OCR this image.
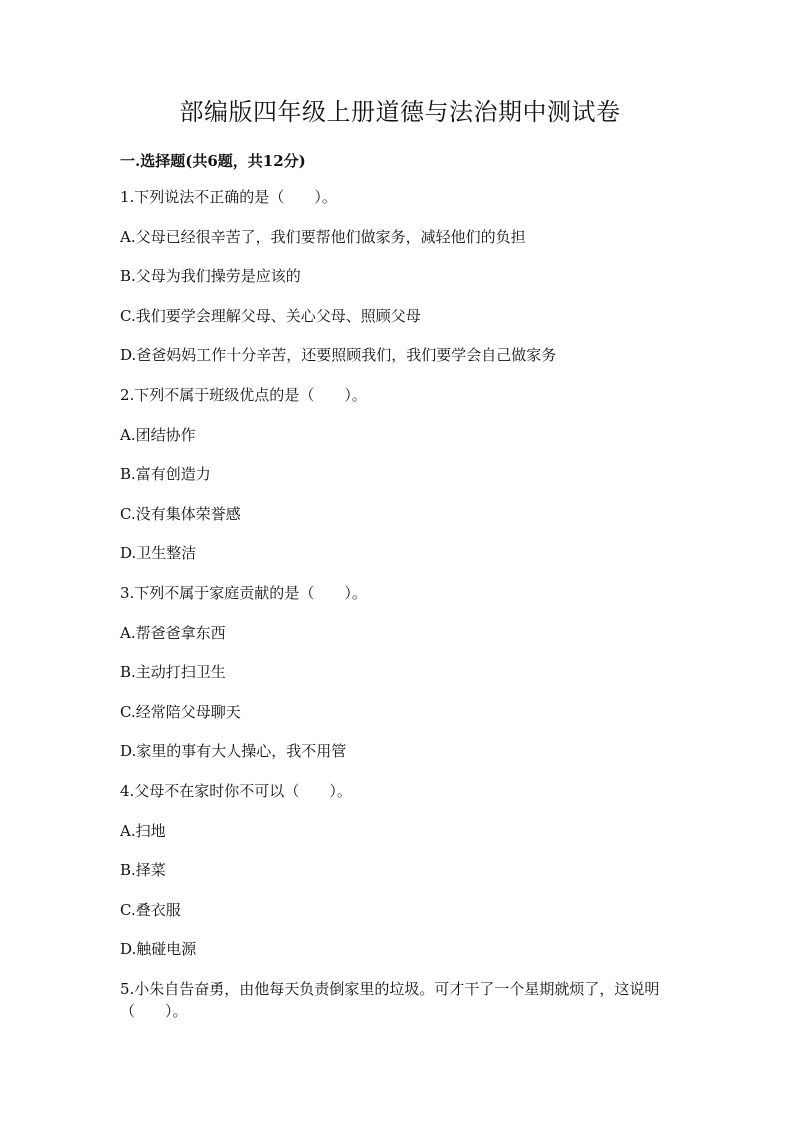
部编版四年级上册道德与法治期中测试卷
一.选择题(共6题，共12分)
1.下列说法不正确的是（　　）。
A.父母已经很辛苦了，我们要帮他们做家务，减轻他们的负担
B.父母为我们操劳是应该的
C.我们要学会理解父母、关心父母、照顾父母
D.爸爸妈妈工作十分辛苦，还要照顾我们，我们要学会自己做家务
2.下列不属于班级优点的是（　　）。
A.团结协作
B.富有创造力
C.没有集体荣誉感
D.卫生整洁
3.下列不属于家庭贡献的是（　　）。
A.帮爸爸拿东西
B.主动打扫卫生
C.经常陪父母聊天
D.家里的事有大人操心，我不用管
4.父母不在家时你不可以（　　）。
A.扫地
B.择菜
C.叠衣服
D.触碰电源
5.小朱自告奋勇，由他每天负责倒家里的垃圾。可才干了一个星期就烦了，这说明（　　）。
